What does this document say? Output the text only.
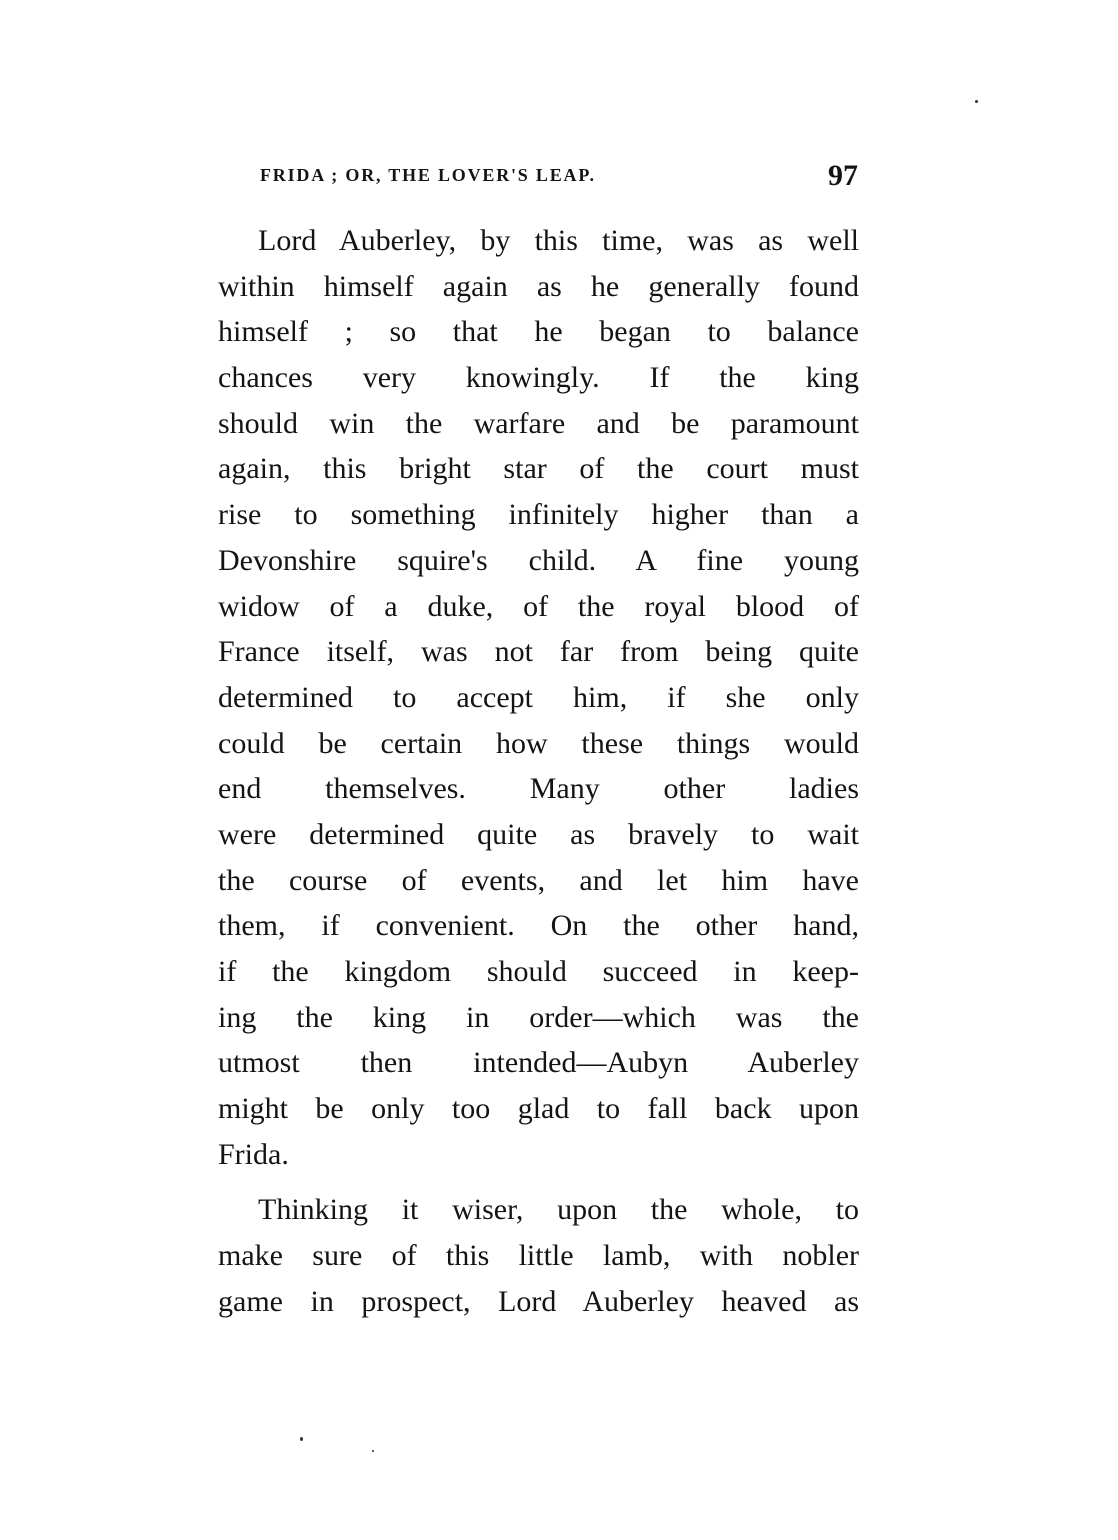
FRIDA ; OR, THE LOVER'S LEAP.	97
Lord Auberley, by this time, was as well
within himself again as he generally found
himself ; so that he began to balance
chances very knowingly. If the king
should win the warfare and be paramount
again, this bright star of the court must
rise to something infinitely higher than a
Devonshire squire's child. A fine young
widow of a duke, of the royal blood of
France itself, was not far from being quite
determined to accept him, if she only
could be certain how these things would
end themselves. Many other ladies
were determined quite as bravely to wait
the course of events, and let him have
them, if convenient. On the other hand,
if the kingdom should succeed in keep-
ing the king in order—which was the
utmost then intended—Aubyn Auberley
might be only too glad to fall back upon
Frida.
Thinking it wiser, upon the whole, to
make sure of this little lamb, with nobler
game in prospect, Lord Auberley heaved as
